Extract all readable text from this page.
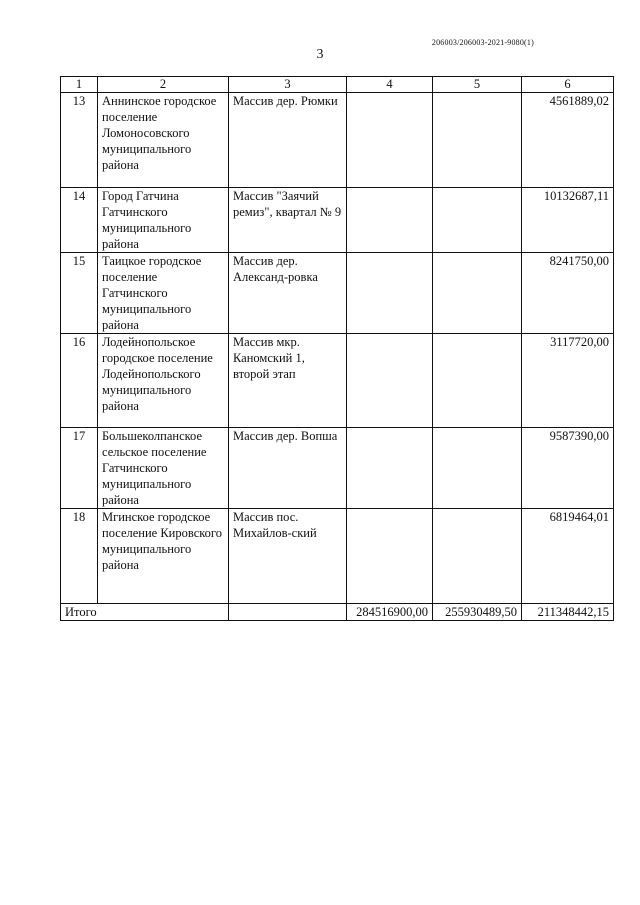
206003/206003-2021-9080(1)
3
1	2	3	4	5	6
13	Аннинское городское поселение Ломоносовского муниципального района	Массив дер. Рюмки			4561889,02
14	Город Гатчина Гатчинского муниципального района	Массив "Заячий ремиз", квартал № 9			10132687,11
15	Таицкое городское поселение Гатчинского муниципального района	Массив дер. Александ-ровка			8241750,00
16	Лодейнопольское городское поселение Лодейнопольского муниципального района	Массив мкр. Каномский 1, второй этап			3117720,00
17	Большеколпанское сельское поселение Гатчинского муниципального района	Массив дер. Вопша			9587390,00
18	Мгинское городское поселение Кировского муниципального района	Массив пос. Михайлов-ский			6819464,01
Итого			284516900,00	255930489,50	211348442,15
